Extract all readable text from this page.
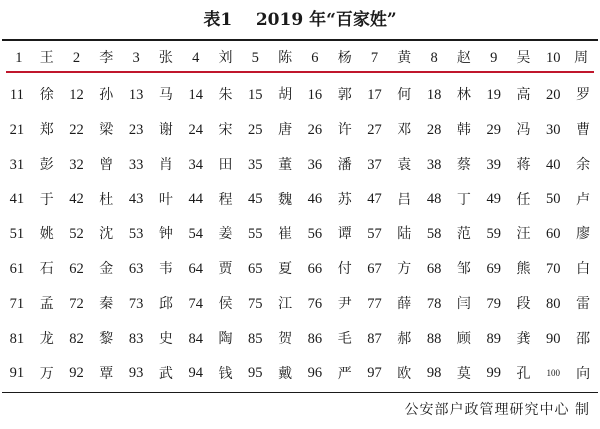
表1    2019 年“百家姓”
1	王	2	李	3	张	4	刘	5	陈	6	杨	7	黄	8	赵	9	吴	10 周
11	徐	12	孙	13	马	14	朱	15	胡	16	郭	17	何	18	林	19	高	20	罗
21	郑	22	梁	23	谢	24	宋	25	唐	26	许	27	邓	28	韩	29	冯	30	曹
31	彭	32	曾	33	肖	34	田	35	董	36	潘	37	袁	38	蔡	39	蒋	40	余
41	于	42	杜	43	叶	44	程	45	魏	46	苏	47	吕	48	丁	49	任	50	卢
51	姚	52	沈	53	钟	54	姜	55	崔	56	谭	57	陆	58	范	59	汪	60	廖
61	石	62	金	63	韦	64	贾	65	夏	66	付	67	方	68	邹	69	熊	70	白
71	孟	72	秦	73	邱	74	侯	75	江	76	尹	77	薛	78	闫	79	段	80	雷
81	龙	82	黎	83	史	84	陶	85	贺	86	毛	87	郝	88	顾	89	龚	90	邵
91	万	92	覃	93	武	94	钱	95	戴	96	严	97	欧	98	莫	99	孔	100	向
公安部户政管理研究中心 制
